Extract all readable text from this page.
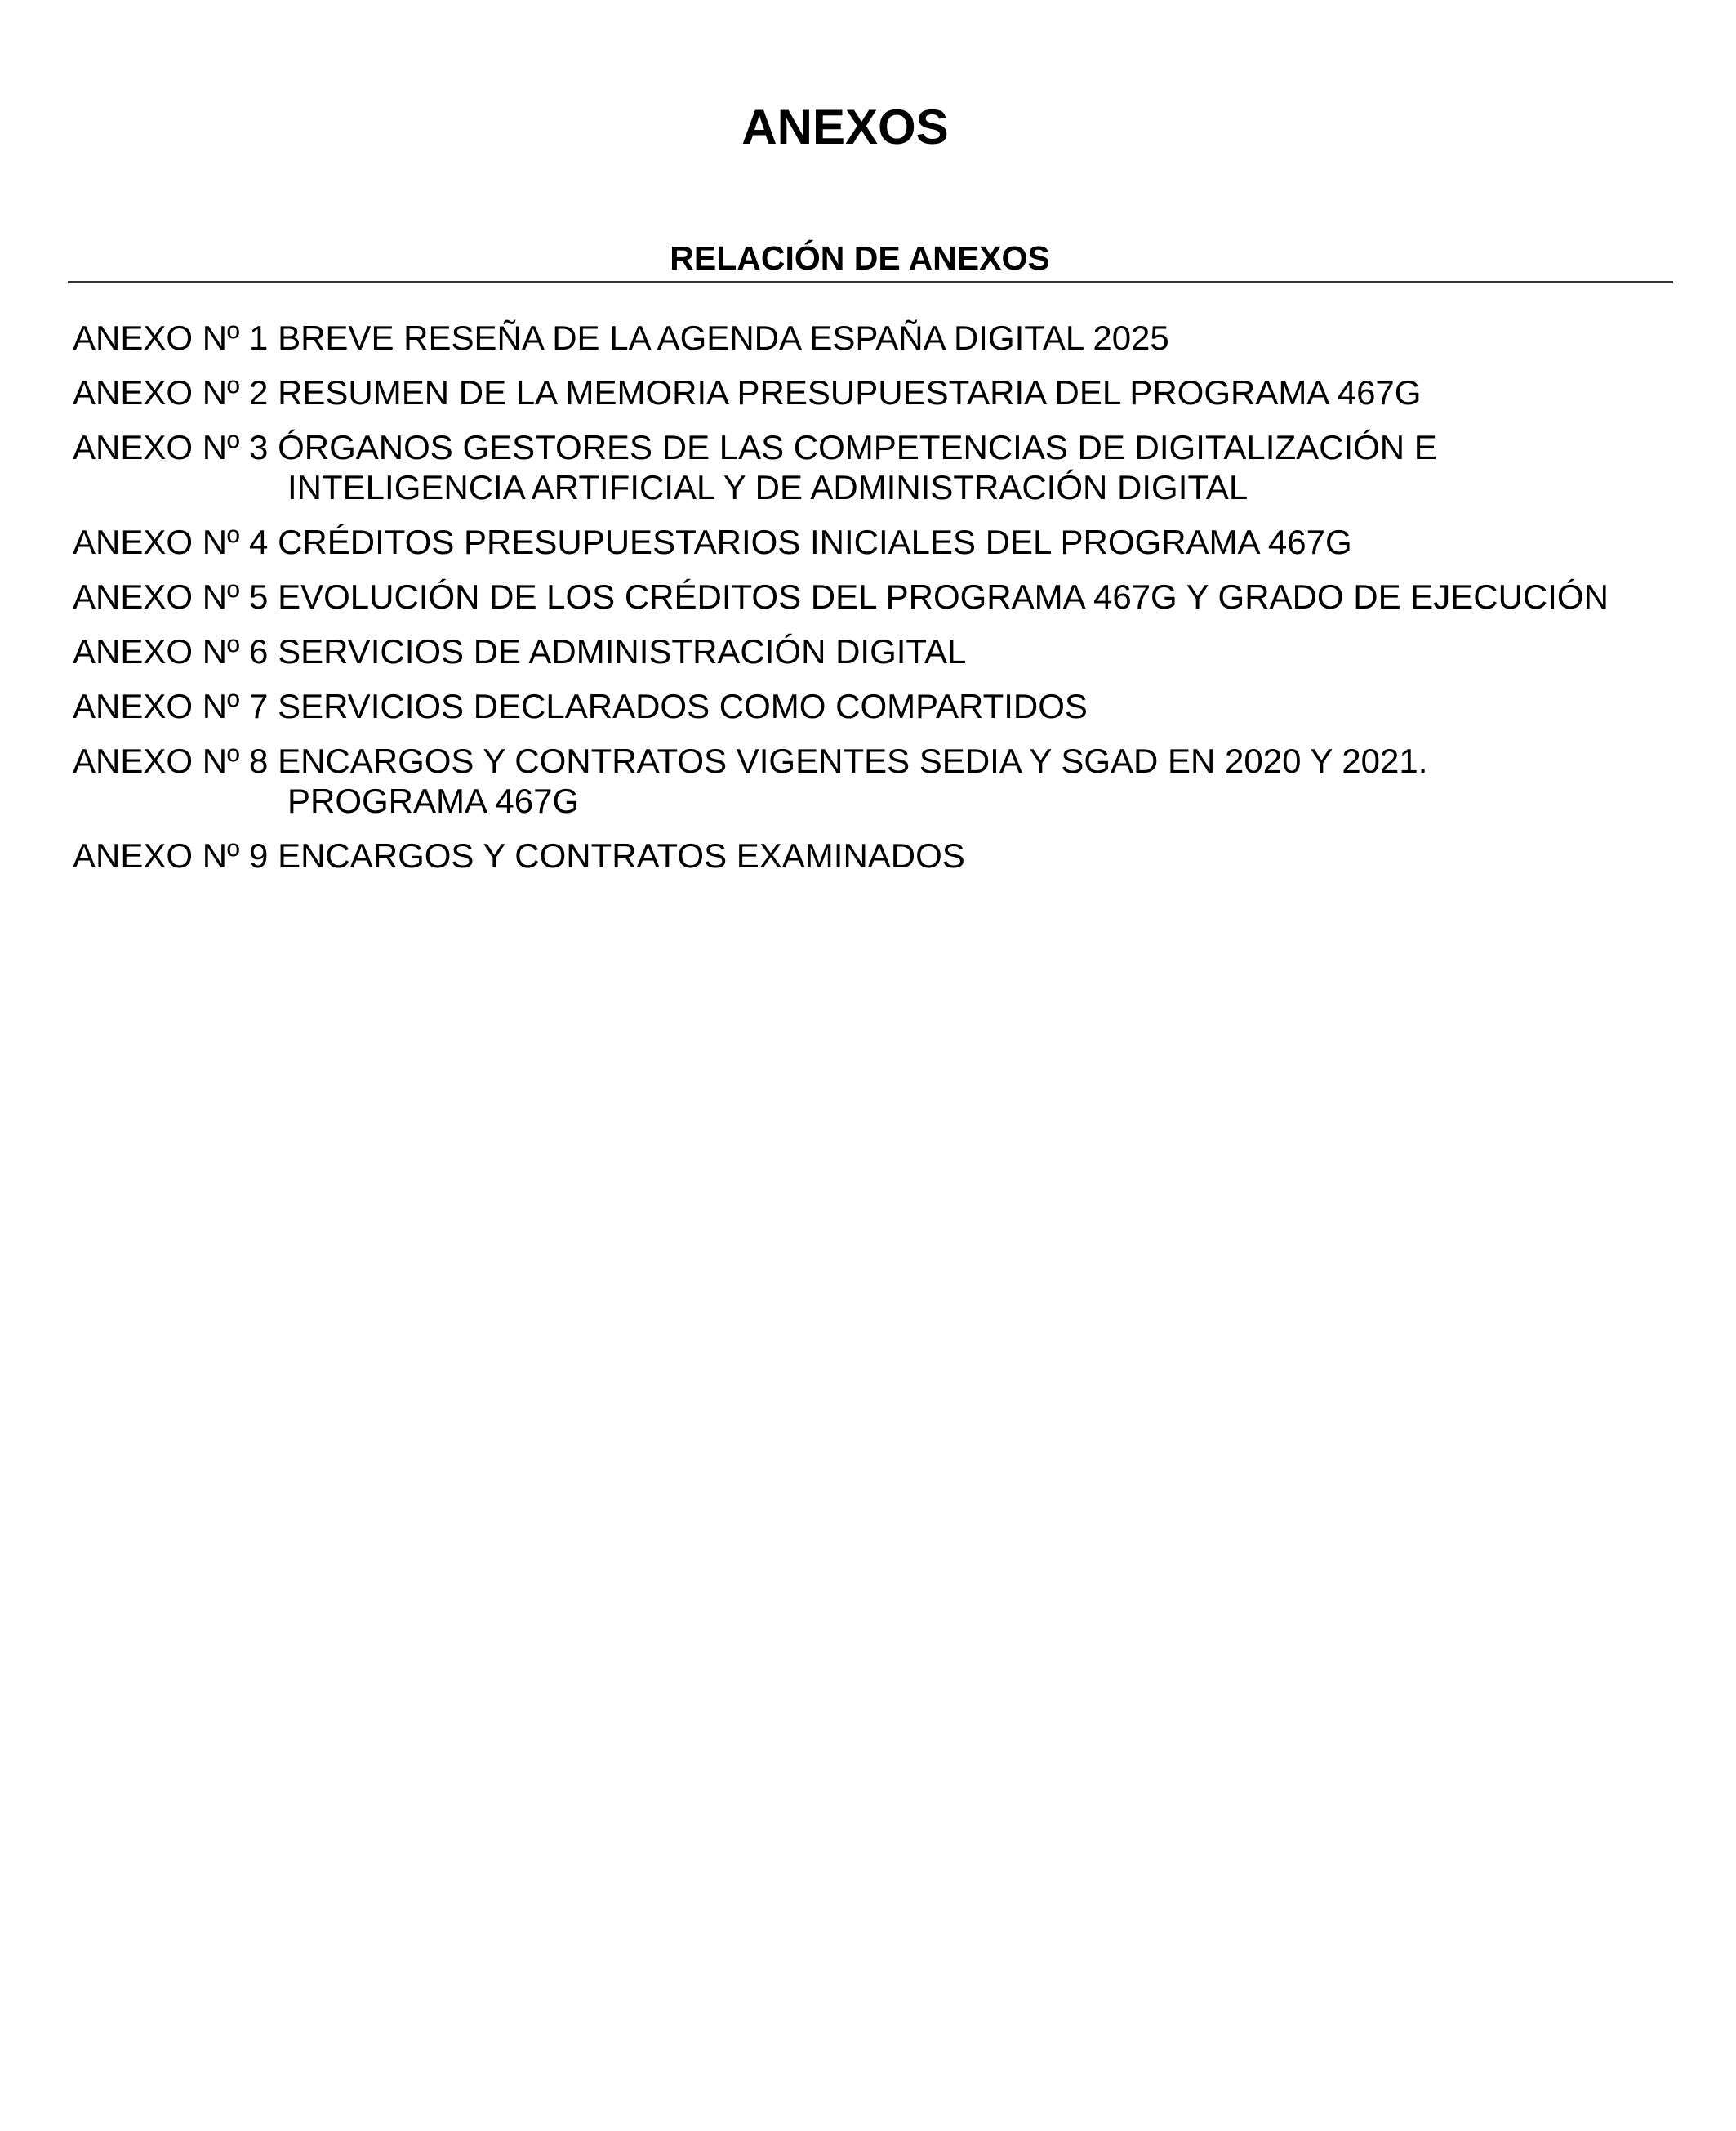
ANEXOS
RELACIÓN DE ANEXOS
ANEXO Nº 1 BREVE RESEÑA DE LA AGENDA ESPAÑA DIGITAL 2025
ANEXO Nº 2 RESUMEN DE LA MEMORIA PRESUPUESTARIA DEL PROGRAMA 467G
ANEXO Nº 3 ÓRGANOS GESTORES DE LAS COMPETENCIAS DE DIGITALIZACIÓN E
INTELIGENCIA ARTIFICIAL Y DE ADMINISTRACIÓN DIGITAL
ANEXO Nº 4 CRÉDITOS PRESUPUESTARIOS INICIALES DEL PROGRAMA 467G
ANEXO Nº 5 EVOLUCIÓN DE LOS CRÉDITOS DEL PROGRAMA 467G Y GRADO DE EJECUCIÓN
ANEXO Nº 6 SERVICIOS DE ADMINISTRACIÓN DIGITAL
ANEXO Nº 7 SERVICIOS DECLARADOS COMO COMPARTIDOS
ANEXO Nº 8 ENCARGOS Y CONTRATOS VIGENTES SEDIA Y SGAD EN 2020 Y 2021.
PROGRAMA 467G
ANEXO Nº 9 ENCARGOS Y CONTRATOS EXAMINADOS
